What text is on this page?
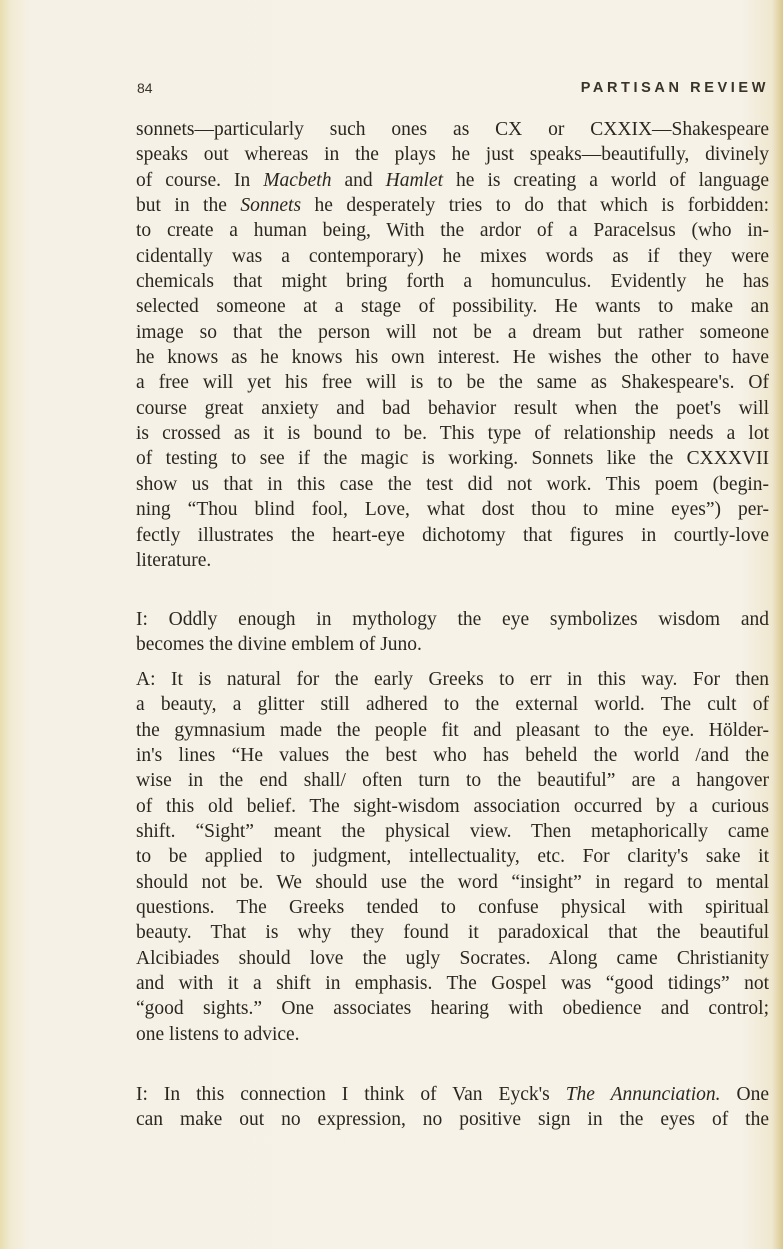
84	PARTISAN REVIEW
sonnets—particularly such ones as CX or CXXIX—Shakespeare
speaks out whereas in the plays he just speaks—beautifully, divinely
of course. In Macbeth and Hamlet he is creating a world of language
but in the Sonnets he desperately tries to do that which is forbidden:
to create a human being, With the ardor of a Paracelsus (who in-
cidentally was a contemporary) he mixes words as if they were
chemicals that might bring forth a homunculus. Evidently he has
selected someone at a stage of possibility. He wants to make an
image so that the person will not be a dream but rather someone
he knows as he knows his own interest. He wishes the other to have
a free will yet his free will is to be the same as Shakespeare's. Of
course great anxiety and bad behavior result when the poet's will
is crossed as it is bound to be. This type of relationship needs a lot
of testing to see if the magic is working. Sonnets like the CXXXVII
show us that in this case the test did not work. This poem (begin-
ning “Thou blind fool, Love, what dost thou to mine eyes”) per-
fectly illustrates the heart-eye dichotomy that figures in courtly-love
literature.
I: Oddly enough in mythology the eye symbolizes wisdom and
becomes the divine emblem of Juno.
A: It is natural for the early Greeks to err in this way. For then
a beauty, a glitter still adhered to the external world. The cult of
the gymnasium made the people fit and pleasant to the eye. Hölder-
in's lines “He values the best who has beheld the world /and the
wise in the end shall/ often turn to the beautiful” are a hangover
of this old belief. The sight-wisdom association occurred by a curious
shift. “Sight” meant the physical view. Then metaphorically came
to be applied to judgment, intellectuality, etc. For clarity's sake it
should not be. We should use the word “insight” in regard to mental
questions. The Greeks tended to confuse physical with spiritual
beauty. That is why they found it paradoxical that the beautiful
Alcibiades should love the ugly Socrates. Along came Christianity
and with it a shift in emphasis. The Gospel was “good tidings” not
“good sights.” One associates hearing with obedience and control;
one listens to advice.
I: In this connection I think of Van Eyck's The Annunciation. One
can make out no expression, no positive sign in the eyes of the
